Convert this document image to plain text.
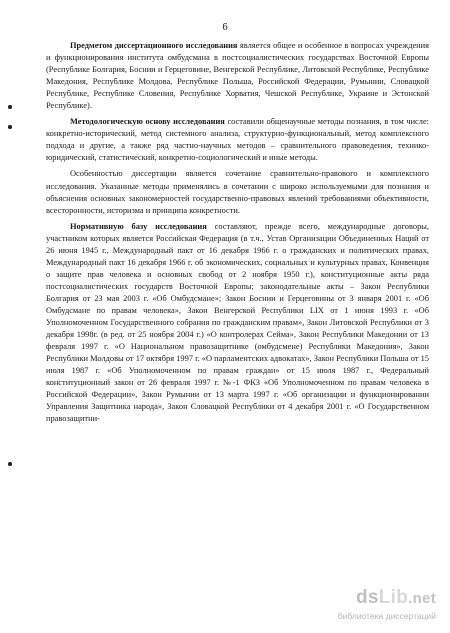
6

Предметом диссертационного исследования является общее и особенное в вопросах учреждения и функционирования института омбудсмана в постсоциалистических государствах Восточной Европы (Республике Болгария, Боснии и Герцеговине, Венгерской Республике, Литовской Республике, Республике Македония, Республике Молдова, Республике Польша, Российской Федерации, Румынии, Словацкой Республике, Республике Словения, Республике Хорватия, Чешской Республике, Украине и Эстонской Республике).

Методологическую основу исследования составили общенаучные методы познания, в том числе: конкретно-исторический, метод системного анализа, структурно-функциональный, метод комплексного подхода и другие, а также ряд частно-научных методов – сравнительного правоведения, технико-юридический, статистический, конкретно-социологический и иные методы.

Особенностью диссертации является сочетание сравнительно-правового и комплексного исследования. Указанные методы применялись в сочетании с широко используемыми для познания и объяснения основных закономерностей государственно-правовых явлений требованиями объективности, всесторонности, историзма и принципа конкретности.

Нормативную базу исследования составляют, прежде всего, международные договоры, участником которых является Российская Федерация (в т.ч., Устав Организации Объединенных Наций от 26 июня 1945 г., Международный пакт от 16 декабря 1966 г. о гражданских и политических правах, Международный пакт 16 декабря 1966 г. об экономических, социальных и культурных правах, Конвенция о защите прав человека и основных свобод от 2 ноября 1950 г.), конституционные акты ряда постсоциалистических государств Восточной Европы; законодательные акты – Закон Республики Болгария от 23 мая 2003 г. «Об Омбудсмане»; Закон Боснии и Герцеговины от 3 января 2001 г. «Об Омбудсмане по правам человека», Закон Венгерской Республики LIX от 1 июня 1993 г. «Об Уполномоченном Государственного собрания по гражданским правам», Закон Литовской Республики от 3 декабря 1998г. (в ред. от 25 ноября 2004 г.) «О контролерах Сейма», Закон Республики Македонии от 13 февраля 1997 г. «О Национальном правозащитнике (омбудсмене) Республики Македония», Закон Республики Молдовы от 17 октября 1997 г. «О парламентских адвокатах», Закон Республики Польша от 15 июля 1987 г. «Об Уполномоченном по правам граждан» от 15 июля 1987 г., Федеральный конституционный закон от 26 февраля 1997 г. №-1 ФКЗ «Об Уполномоченном по правам человека в Российской Федерации», Закон Румынии от 13 марта 1997 г. «Об организации и функционировании Управления Защитника народа», Закон Словацкой Республики от 4 декабря 2001 г. «О Государственном правозащитни-

dsLib.net
библиотека диссертаций
